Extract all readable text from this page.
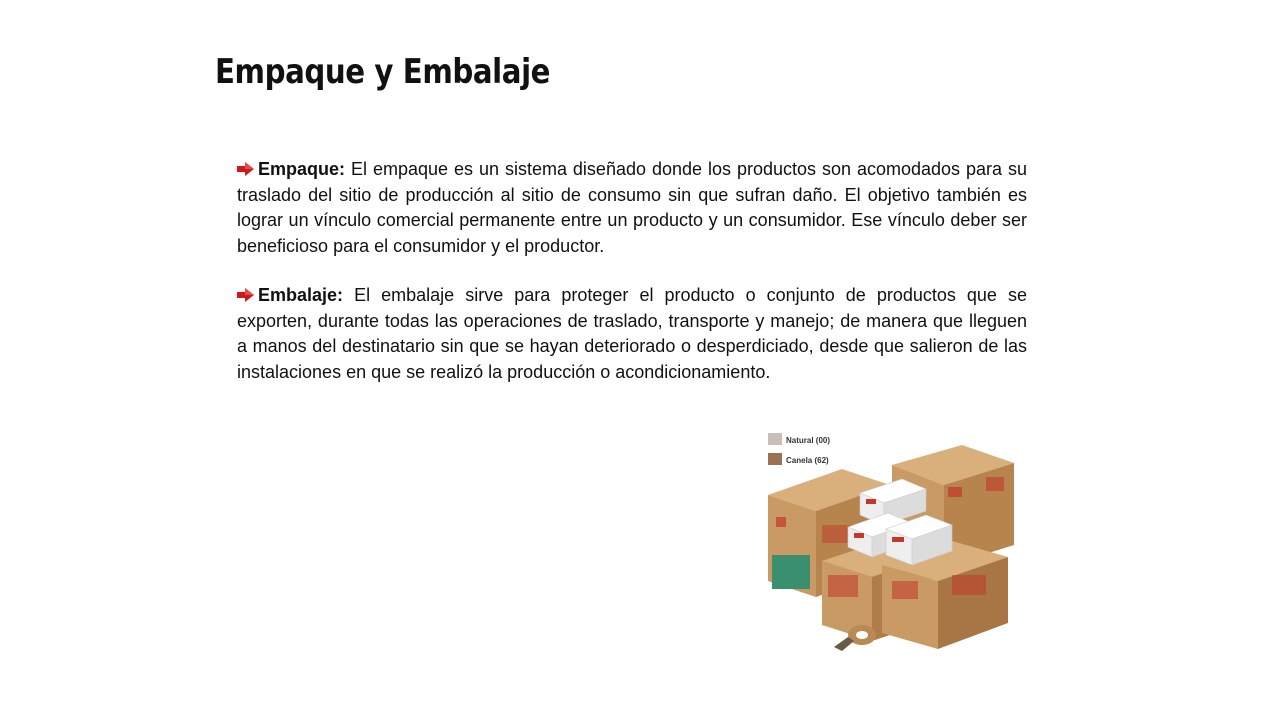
Empaque y Embalaje

Empaque: El empaque es un sistema diseñado donde los productos son acomodados para su traslado del sitio de producción al sitio de consumo sin que sufran daño. El objetivo también es lograr un vínculo comercial permanente entre un producto y un consumidor. Ese vínculo deber ser beneficioso para el consumidor y el productor.

Embalaje: El embalaje sirve para proteger el producto o conjunto de productos que se exporten, durante todas las operaciones de traslado, transporte y manejo; de manera que lleguen a manos del destinatario sin que se hayan deteriorado o desperdiciado, desde que salieron de las instalaciones en que se realizó la producción o acondicionamiento.

Natural (00)
Canela (62)
